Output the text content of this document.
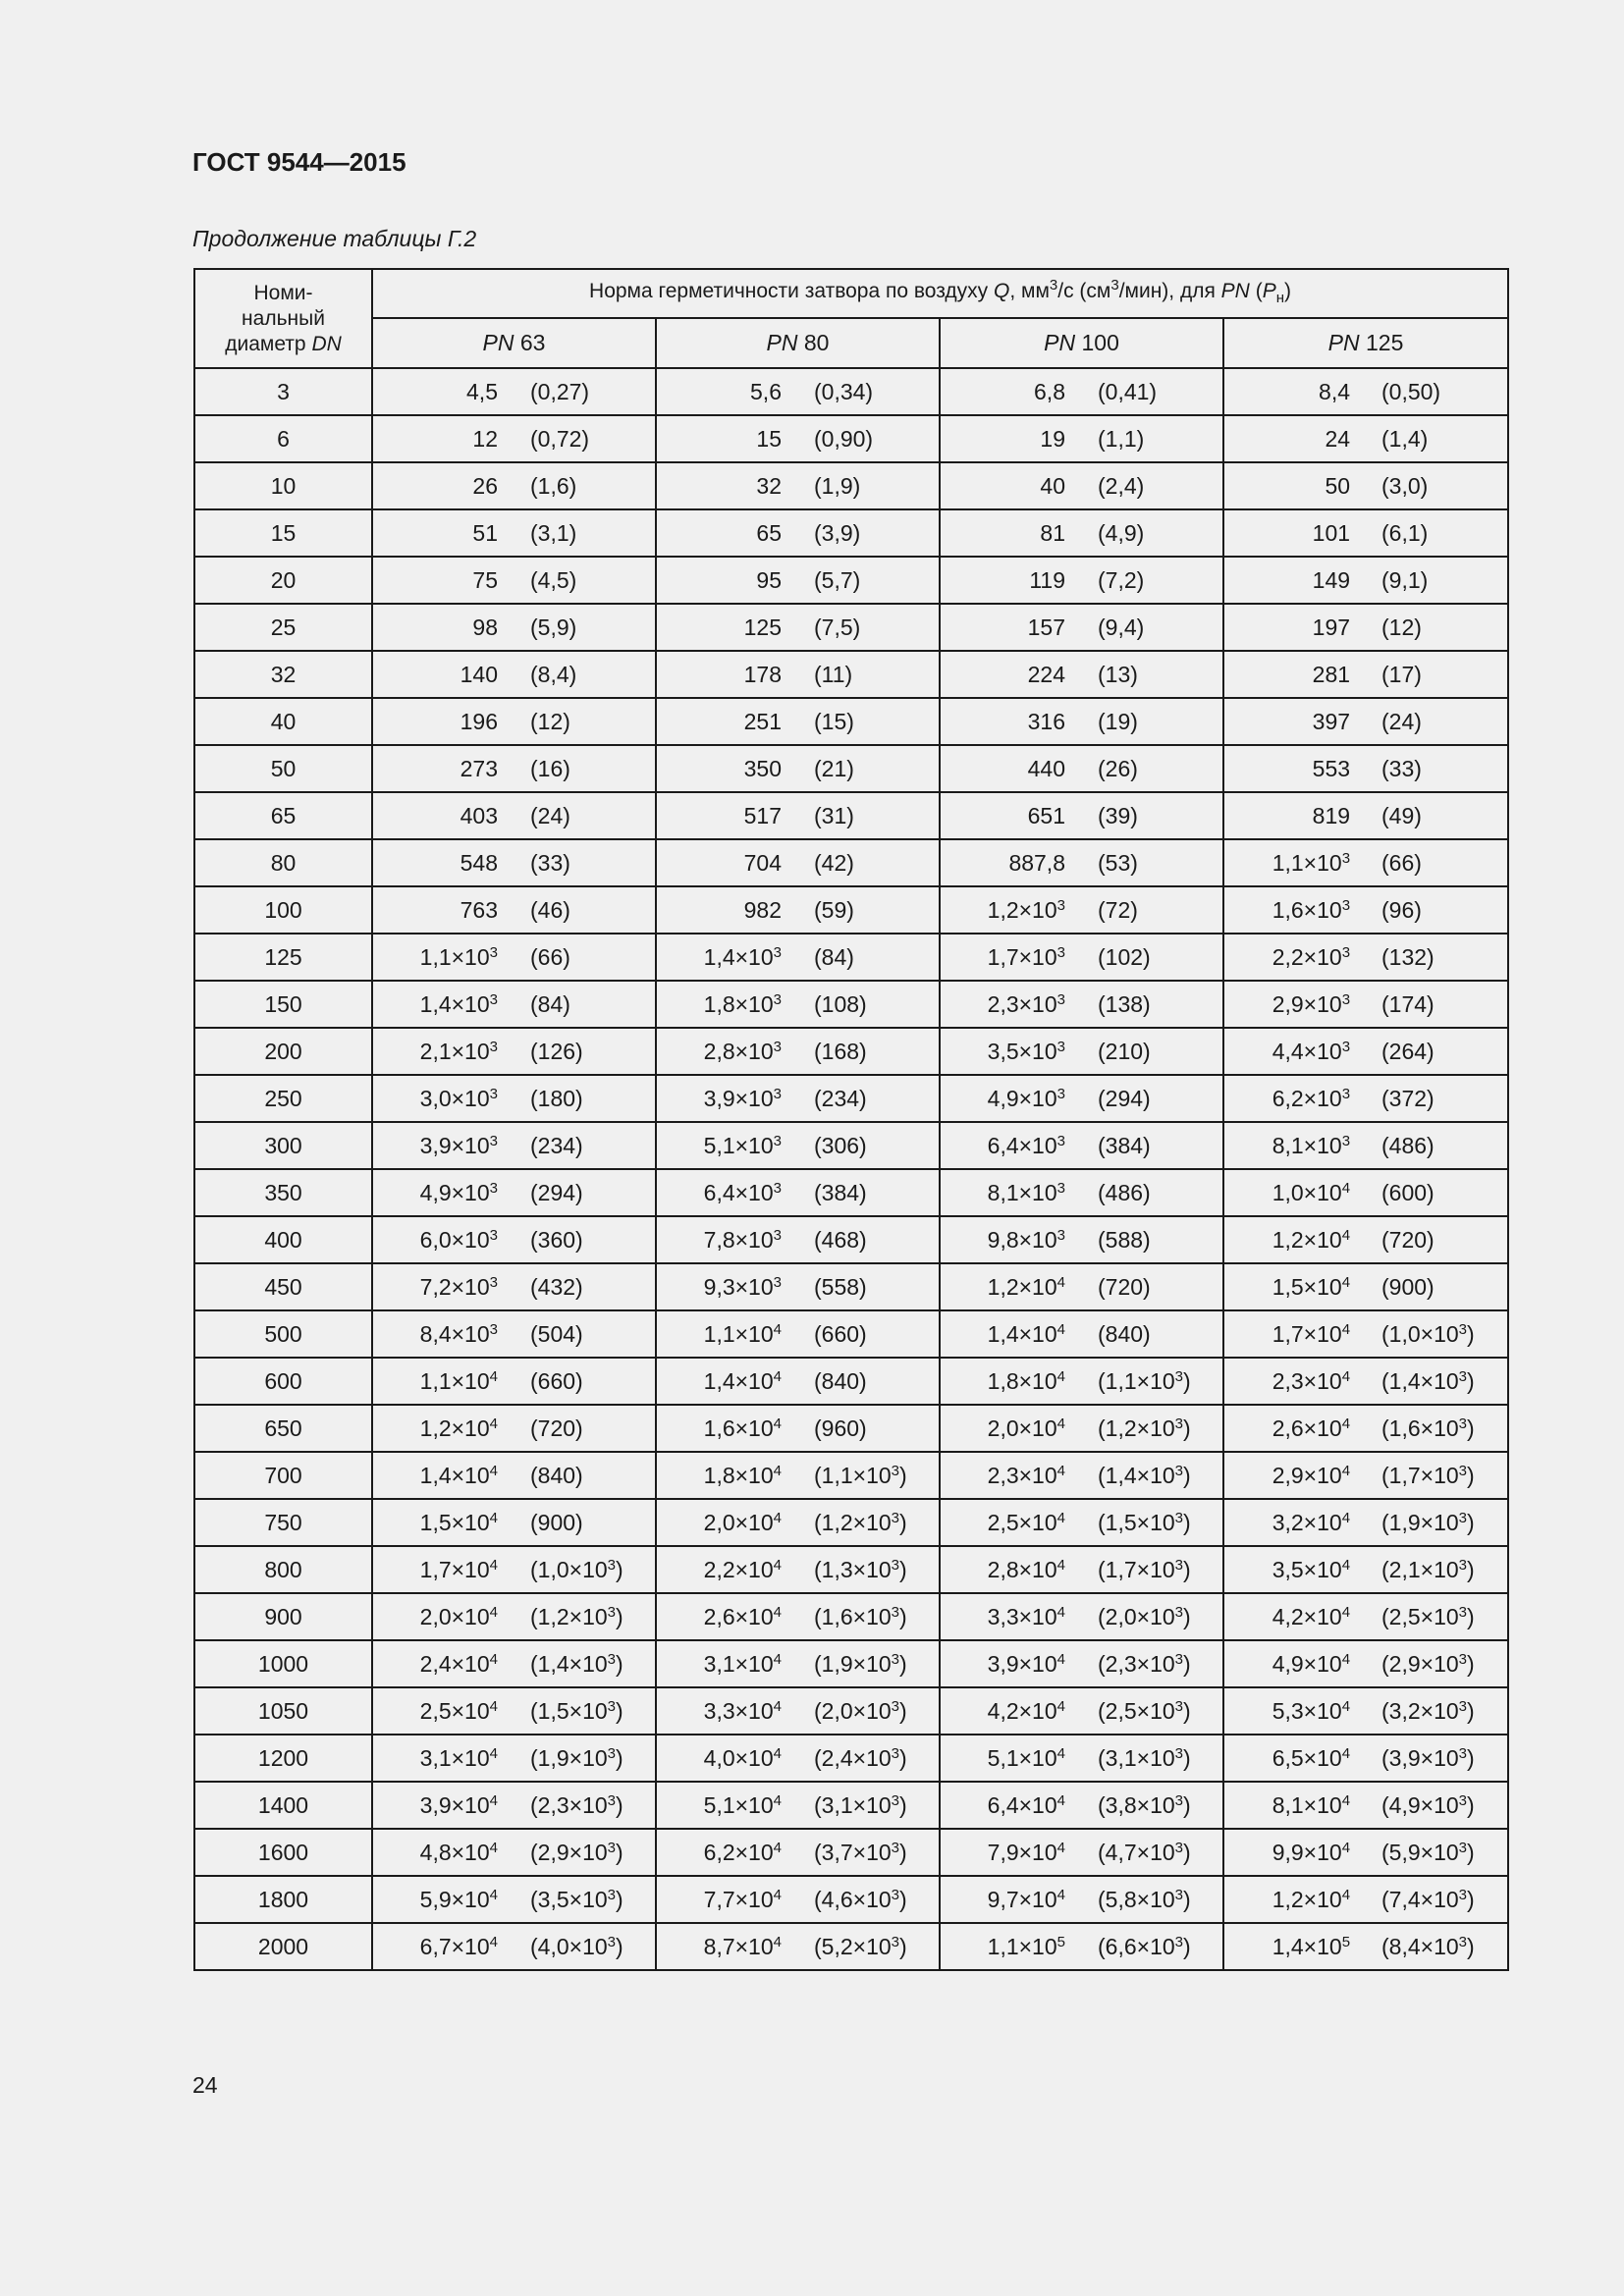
ГОСТ 9544—2015
Продолжение таблицы Г.2
Номи-
нальный
диаметр DN	Норма герметичности затвора по воздуху Q, $мм^3/с$ $(см^3/мин)$, для PN $(P_н)$			
	PN 63	PN 80	PN 100	PN 125
3	4,5 (0,27)	5,6 (0,34)	6,8 (0,41)	8,4 (0,50)

6	12 (0,72)	15 (0,90)	19 (1,1)	24 (1,4)

10	26 (1,6)	32 (1,9)	40 (2,4)	50 (3,0)

15	51 (3,1)	65 (3,9)	81 (4,9)	101 (6,1)

20	75 (4,5)	95 (5,7)	119 (7,2)	149 (9,1)

25	98 (5,9)	125 (7,5)	157 (9,4)	197 (12)

32	140 (8,4)	178 (11)	224 (13)	281 (17)

40	196 (12)	251 (15)	316 (19)	397 (24)

50	273 (16)	350 (21)	440 (26)	553 (33)

65	403 (24)	517 (31)	651 (39)	819 (49)

80	548 (33)	704 (42)	887,8 (53)	$1,1\times 10^3$ (66)

100	763 (46)	982 (59)	$1,2\times 10^3$ (72)	$1,6\times 10^3$ (96)

125	$1,1\times 10^3$ (66)	$1,4\times 10^3$ (84)	$1,7\times 10^3$ (102)	$2,2\times 10^3$ (132)

150	$1,4\times 10^3$ (84)	$1,8\times 10^3$ (108)	$2,3\times 10^3$ (138)	$2,9\times 10^3$ (174)

200	$2,1\times 10^3$ (126)	$2,8\times 10^3$ (168)	$3,5\times 10^3$ (210)	$4,4\times 10^3$ (264)

250	$3,0\times 10^3$ (180)	$3,9\times 10^3$ (234)	$4,9\times 10^3$ (294)	$6,2\times 10^3$ (372)

300	$3,9\times 10^3$ (234)	$5,1\times 10^3$ (306)	$6,4\times 10^3$ (384)	$8,1\times 10^3$ (486)

350	$4,9\times 10^3$ (294)	$6,4\times 10^3$ (384)	$8,1\times 10^3$ (486)	$1,0\times 10^4$ (600)

400	$6,0\times 10^3$ (360)	$7,8\times 10^3$ (468)	$9,8\times 10^3$ (588)	$1,2\times 10^4$ (720)

450	$7,2\times 10^3$ (432)	$9,3\times 10^3$ (558)	$1,2\times 10^4$ (720)	$1,5\times 10^4$ (900)

500	$8,4\times 10^3$ (504)	$1,1\times 10^4$ (660)	$1,4\times 10^4$ (840)	$1,7\times 10^4$ $(1,0\times 10^3)$

600	$1,1\times 10^4$ (660)	$1,4\times 10^4$ (840)	$1,8\times 10^4$ $(1,1\times 10^3)$	$2,3\times 10^4$ $(1,4\times 10^3)$

650	$1,2\times 10^4$ (720)	$1,6\times 10^4$ (960)	$2,0\times 10^4$ $(1,2\times 10^3)$	$2,6\times 10^4$ $(1,6\times 10^3)$

700	$1,4\times 10^4$ (840)	$1,8\times 10^4$ $(1,1\times 10^3)$	$2,3\times 10^4$ $(1,4\times 10^3)$	$2,9\times 10^4$ $(1,7\times 10^3)$

750	$1,5\times 10^4$ (900)	$2,0\times 10^4$ $(1,2\times 10^3)$	$2,5\times 10^4$ $(1,5\times 10^3)$	$3,2\times 10^4$ $(1,9\times 10^3)$

800	$1,7\times 10^4$ $(1,0\times 10^3)$	$2,2\times 10^4$ $(1,3\times 10^3)$	$2,8\times 10^4$ $(1,7\times 10^3)$	$3,5\times 10^4$ $(2,1\times 10^3)$

900	$2,0\times 10^4$ $(1,2\times 10^3)$	$2,6\times 10^4$ $(1,6\times 10^3)$	$3,3\times 10^4$ $(2,0\times 10^3)$	$4,2\times 10^4$ $(2,5\times 10^3)$

1000	$2,4\times 10^4$ $(1,4\times 10^3)$	$3,1\times 10^4$ $(1,9\times 10^3)$	$3,9\times 10^4$ $(2,3\times 10^3)$	$4,9\times 10^4$ $(2,9\times 10^3)$

1050	$2,5\times 10^4$ $(1,5\times 10^3)$	$3,3\times 10^4$ $(2,0\times 10^3)$	$4,2\times 10^4$ $(2,5\times 10^3)$	$5,3\times 10^4$ $(3,2\times 10^3)$

1200	$3,1\times 10^4$ $(1,9\times 10^3)$	$4,0\times 10^4$ $(2,4\times 10^3)$	$5,1\times 10^4$ $(3,1\times 10^3)$	$6,5\times 10^4$ $(3,9\times 10^3)$

1400	$3,9\times 10^4$ $(2,3\times 10^3)$	$5,1\times 10^4$ $(3,1\times 10^3)$	$6,4\times 10^4$ $(3,8\times 10^3)$	$8,1\times 10^4$ $(4,9\times 10^3)$

1600	$4,8\times 10^4$ $(2,9\times 10^3)$	$6,2\times 10^4$ $(3,7\times 10^3)$	$7,9\times 10^4$ $(4,7\times 10^3)$	$9,9\times 10^4$ $(5,9\times 10^3)$

1800	$5,9\times 10^4$ $(3,5\times 10^3)$	$7,7\times 10^4$ $(4,6\times 10^3)$	$9,7\times 10^4$ $(5,8\times 10^3)$	$1,2\times 10^4$ $(7,4\times 10^3)$

2000	$6,7\times 10^4$ $(4,0\times 10^3)$	$8,7\times 10^4$ $(5,2\times 10^3)$	$1,1\times 10^5$ $(6,6\times 10^3)$	$1,4\times 10^5$ $(8,4\times 10^3)$
24
